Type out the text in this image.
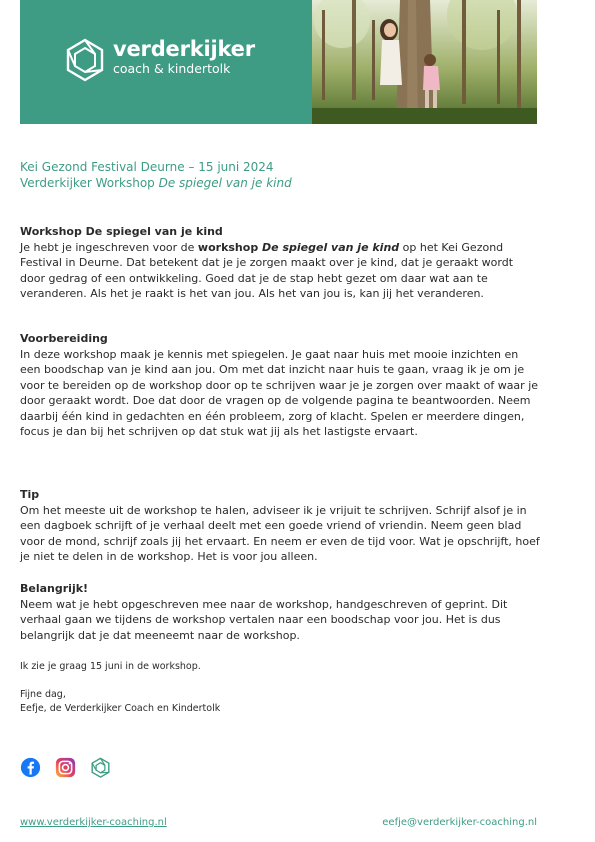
verderkijker
coach & kindertolk
Kei Gezond Festival Deurne – 15 juni 2024
Verderkijker Workshop De spiegel van je kind
Workshop De spiegel van je kind

Je hebt je ingeschreven voor de workshop De spiegel van je kind op het Kei Gezond Festival in Deurne. Dat betekent dat je je zorgen maakt over je kind, dat je geraakt wordt door gedrag of een ontwikkeling. Goed dat je de stap hebt gezet om daar wat aan te veranderen. Als het je raakt is het van jou. Als het van jou is, kan jij het veranderen.

Voorbereiding

In deze workshop maak je kennis met spiegelen. Je gaat naar huis met mooie inzichten en een boodschap van je kind aan jou. Om met dat inzicht naar huis te gaan, vraag ik je om je voor te bereiden op de workshop door op te schrijven waar je je zorgen over maakt of waar je door geraakt wordt. Doe dat door de vragen op de volgende pagina te beantwoorden. Neem daarbij één kind in gedachten en één probleem, zorg of klacht. Spelen er meerdere dingen, focus je dan bij het schrijven op dat stuk wat jij als het lastigste ervaart.

Tip

Om het meeste uit de workshop te halen, adviseer ik je vrijuit te schrijven. Schrijf alsof je in een dagboek schrijft of je verhaal deelt met een goede vriend of vriendin. Neem geen blad voor de mond, schrijf zoals jij het ervaart. En neem er even de tijd voor. Wat je opschrijft, hoef je niet te delen in de workshop. Het is voor jou alleen.

Belangrijk!

Neem wat je hebt opgeschreven mee naar de workshop, handgeschreven of geprint. Dit verhaal gaan we tijdens de workshop vertalen naar een boodschap voor jou. Het is dus belangrijk dat je dat meeneemt naar de workshop.

Ik zie je graag 15 juni in de workshop.
Fijne dag,
Eefje, de Verderkijker Coach en Kindertolk
www.verderkijker-coaching.nl	eefje@verderkijker-coaching.nl
